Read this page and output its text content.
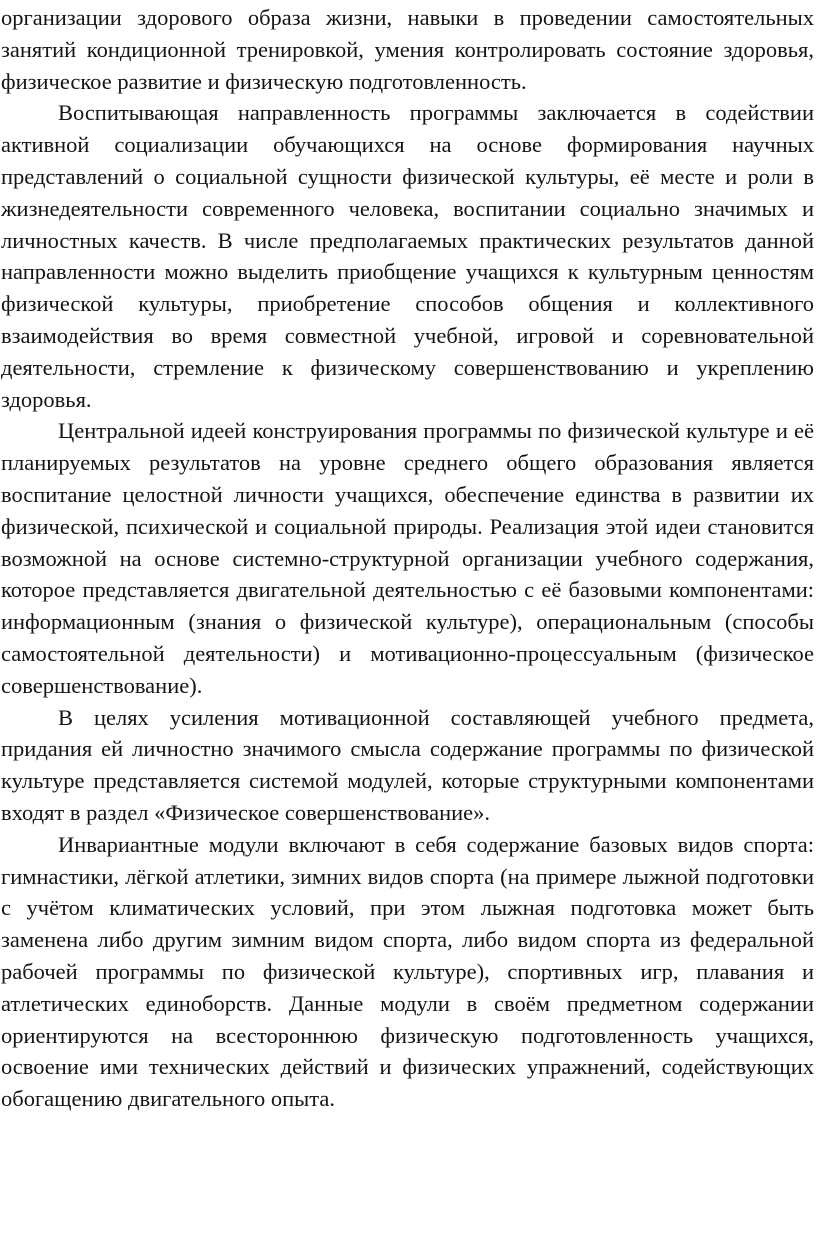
организации здорового образа жизни, навыки в проведении самостоятельных занятий кондиционной тренировкой, умения контролировать состояние здоровья, физическое развитие и физическую подготовленность.

Воспитывающая направленность программы заключается в содействии активной социализации обучающихся на основе формирования научных представлений о социальной сущности физической культуры, её месте и роли в жизнедеятельности современного человека, воспитании социально значимых и личностных качеств. В числе предполагаемых практических результатов данной направленности можно выделить приобщение учащихся к культурным ценностям физической культуры, приобретение способов общения и коллективного взаимодействия во время совместной учебной, игровой и соревновательной деятельности, стремление к физическому совершенствованию и укреплению здоровья.

Центральной идеей конструирования программы по физической культуре и её планируемых результатов на уровне среднего общего образования является воспитание целостной личности учащихся, обеспечение единства в развитии их физической, психической и социальной природы. Реализация этой идеи становится возможной на основе системно-структурной организации учебного содержания, которое представляется двигательной деятельностью с её базовыми компонентами: информационным (знания о физической культуре), операциональным (способы самостоятельной деятельности) и мотивационно-процессуальным (физическое совершенствование).

В целях усиления мотивационной составляющей учебного предмета, придания ей личностно значимого смысла содержание программы по физической культуре представляется системой модулей, которые структурными компонентами входят в раздел «Физическое совершенствование».

Инвариантные модули включают в себя содержание базовых видов спорта: гимнастики, лёгкой атлетики, зимних видов спорта (на примере лыжной подготовки с учётом климатических условий, при этом лыжная подготовка может быть заменена либо другим зимним видом спорта, либо видом спорта из федеральной рабочей программы по физической культуре), спортивных игр, плавания и атлетических единоборств. Данные модули в своём предметном содержании ориентируются на всестороннюю физическую подготовленность учащихся, освоение ими технических действий и физических упражнений, содействующих обогащению двигательного опыта.
